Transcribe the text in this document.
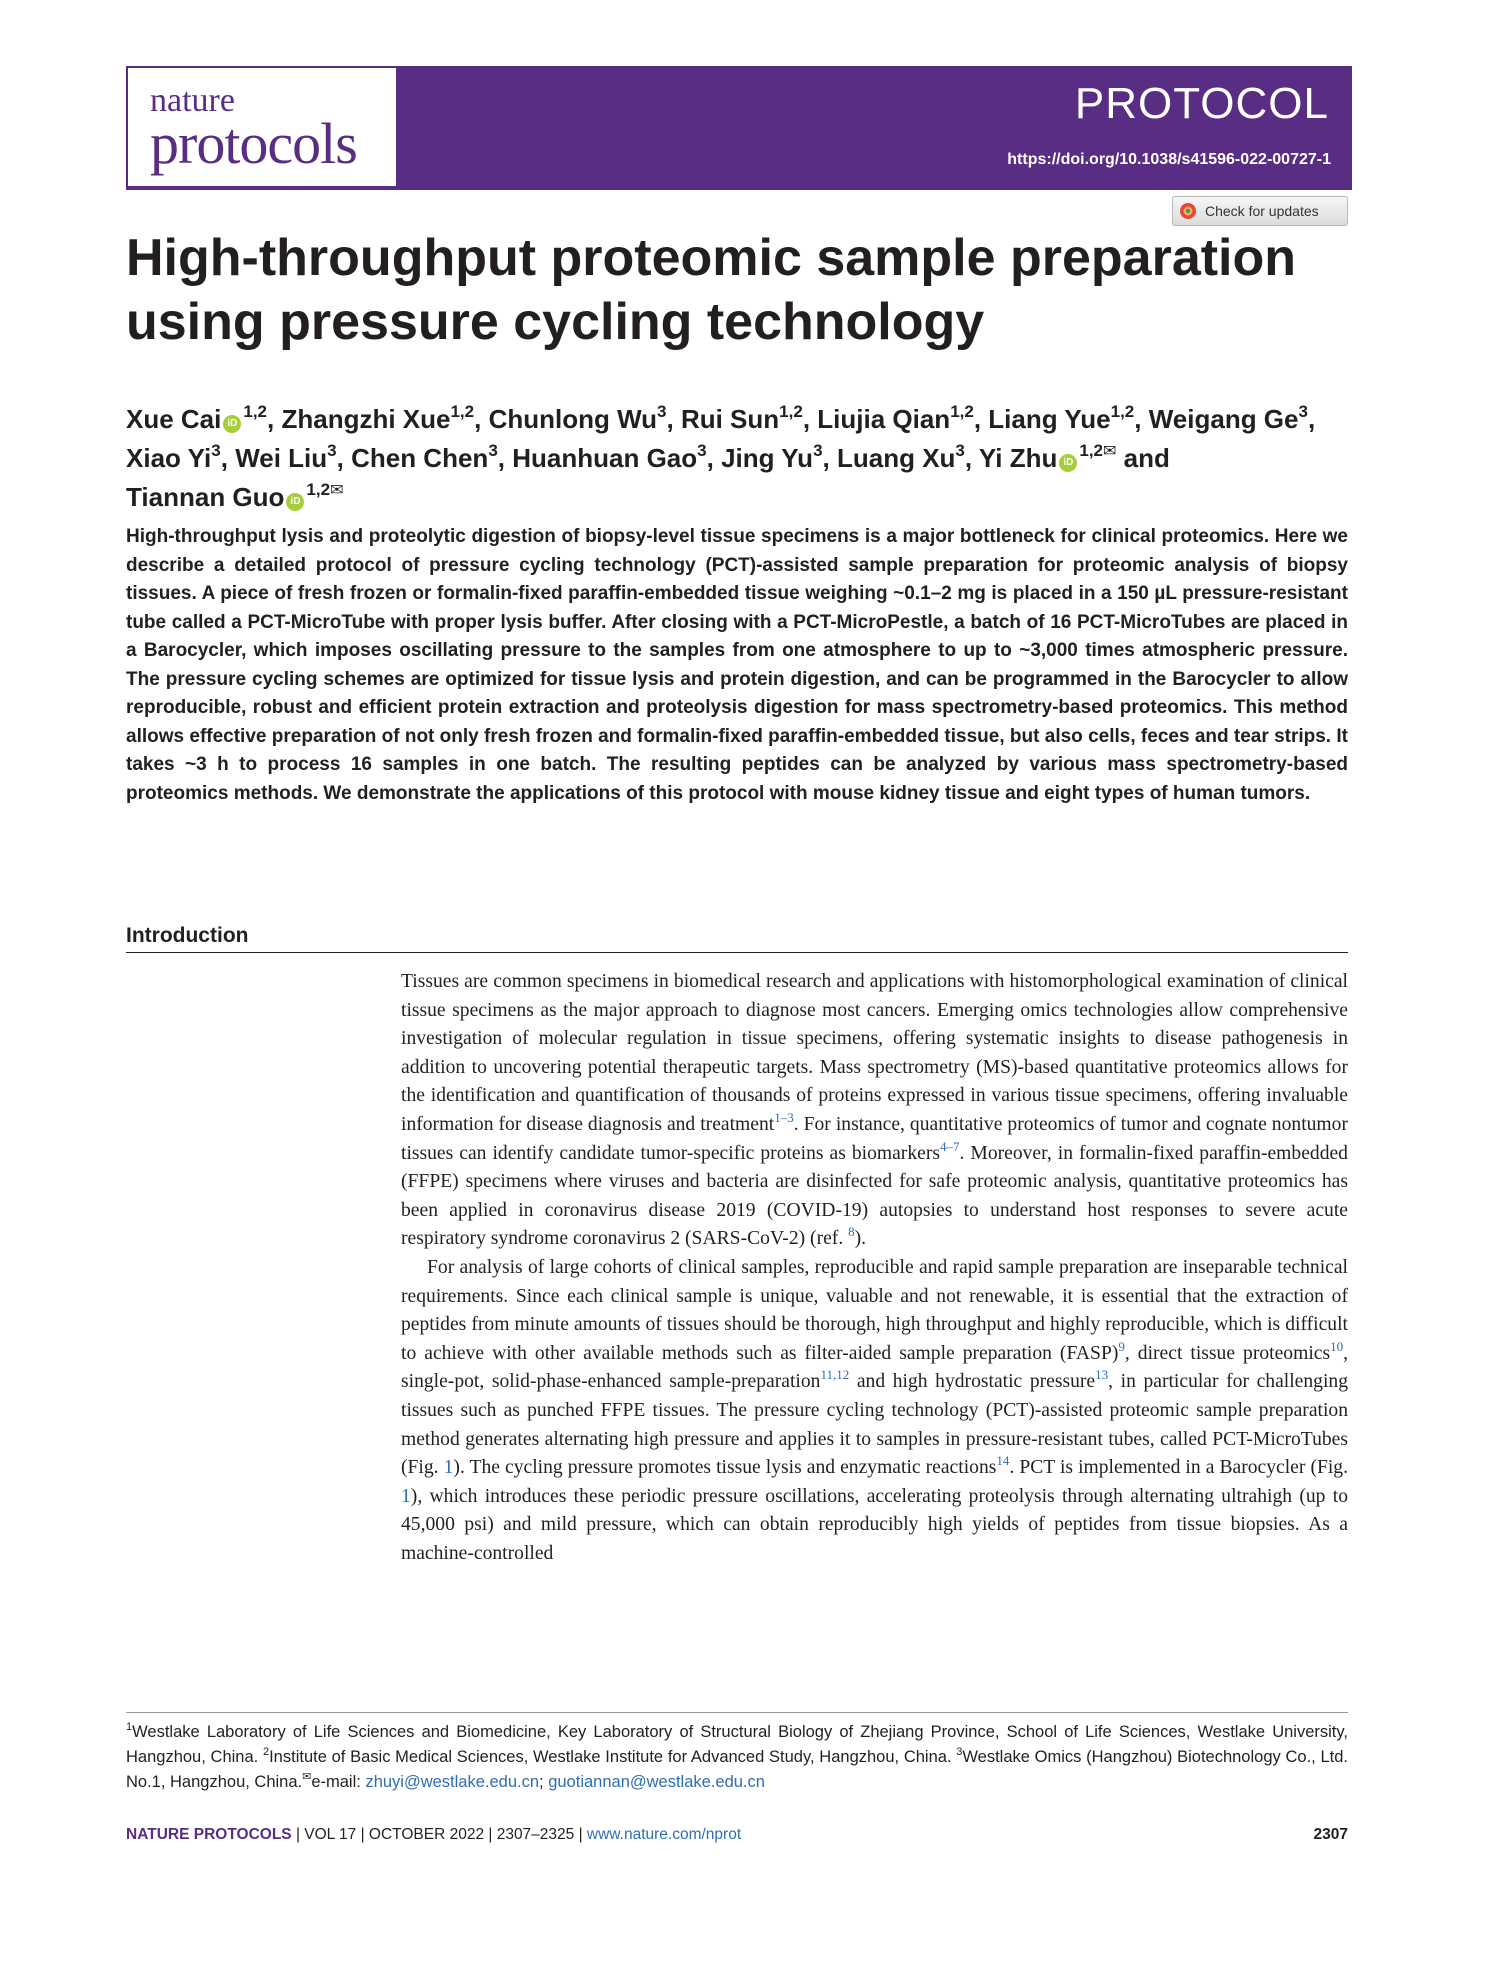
nature
protocols
PROTOCOL
https://doi.org/10.1038/s41596-022-00727-1
Check for updates
High-throughput proteomic sample preparation using pressure cycling technology

Xue Cai iD$^{1,2}$, Zhangzhi Xue$^{1,2}$, Chunlong Wu$^3$, Rui Sun$^{1,2}$, Liujia Qian$^{1,2}$, Liang Yue$^{1,2}$, Weigang Ge$^3$,
Xiao Yi$^3$, Wei Liu$^3$, Chen Chen$^3$, Huanhuan Gao$^3$, Jing Yu$^3$, Luang Xu$^3$, Yi Zhu iD$^{1,2✉}$ and
Tiannan Guo iD$^{1,2✉}$

High-throughput lysis and proteolytic digestion of biopsy-level tissue specimens is a major bottleneck for clinical proteomics. Here we describe a detailed protocol of pressure cycling technology (PCT)-assisted sample preparation for proteomic analysis of biopsy tissues. A piece of fresh frozen or formalin-fixed paraffin-embedded tissue weighing ~0.1–2 mg is placed in a 150 µL pressure-resistant tube called a PCT-MicroTube with proper lysis buffer. After closing with a PCT-MicroPestle, a batch of 16 PCT-MicroTubes are placed in a Barocycler, which imposes oscillating pressure to the samples from one atmosphere to up to ~3,000 times atmospheric pressure. The pressure cycling schemes are optimized for tissue lysis and protein digestion, and can be programmed in the Barocycler to allow reproducible, robust and efficient protein extraction and proteolysis digestion for mass spectrometry-based proteomics. This method allows effective preparation of not only fresh frozen and formalin-fixed paraffin-embedded tissue, but also cells, feces and tear strips. It takes ~3 h to process 16 samples in one batch. The resulting peptides can be analyzed by various mass spectrometry-based proteomics methods. We demonstrate the applications of this protocol with mouse kidney tissue and eight types of human tumors.

Introduction

Tissues are common specimens in biomedical research and applications with histomorphological examination of clinical tissue specimens as the major approach to diagnose most cancers. Emerging omics technologies allow comprehensive investigation of molecular regulation in tissue specimens, offering systematic insights to disease pathogenesis in addition to uncovering potential therapeutic targets. Mass spectrometry (MS)-based quantitative proteomics allows for the identification and quantification of thousands of proteins expressed in various tissue specimens, offering invaluable information for disease diagnosis and treatment$^{1-3}$. For instance, quantitative proteomics of tumor and cognate nontumor tissues can identify candidate tumor-specific proteins as biomarkers$^{4-7}$. Moreover, in formalin-fixed paraffin-embedded (FFPE) specimens where viruses and bacteria are disinfected for safe proteomic analysis, quantitative proteomics has been applied in coronavirus disease 2019 (COVID-19) autopsies to understand host responses to severe acute respiratory syndrome coronavirus 2 (SARS-CoV-2) (ref. $^8$).

For analysis of large cohorts of clinical samples, reproducible and rapid sample preparation are inseparable technical requirements. Since each clinical sample is unique, valuable and not renewable, it is essential that the extraction of peptides from minute amounts of tissues should be thorough, high throughput and highly reproducible, which is difficult to achieve with other available methods such as filter-aided sample preparation (FASP)$^9$, direct tissue proteomics$^{10}$, single-pot, solid-phase-enhanced sample-preparation$^{11,12}$ and high hydrostatic pressure$^{13}$, in particular for challenging tissues such as punched FFPE tissues. The pressure cycling technology (PCT)-assisted proteomic sample preparation method generates alternating high pressure and applies it to samples in pressure-resistant tubes, called PCT-MicroTubes (Fig. 1). The cycling pressure promotes tissue lysis and enzymatic reactions$^{14}$. PCT is implemented in a Barocycler (Fig. 1), which introduces these periodic pressure oscillations, accelerating proteolysis through alternating ultrahigh (up to 45,000 psi) and mild pressure, which can obtain reproducibly high yields of peptides from tissue biopsies. As a machine-controlled

$^1$Westlake Laboratory of Life Sciences and Biomedicine, Key Laboratory of Structural Biology of Zhejiang Province, School of Life Sciences, Westlake University, Hangzhou, China. $^2$Institute of Basic Medical Sciences, Westlake Institute for Advanced Study, Hangzhou, China. $^3$Westlake Omics (Hangzhou) Biotechnology Co., Ltd. No.1, Hangzhou, China.✉e-mail: zhuyi@westlake.edu.cn; guotiannan@westlake.edu.cn

NATURE PROTOCOLS | VOL 17 | OCTOBER 2022 | 2307–2325 | www.nature.com/nprot	2307
